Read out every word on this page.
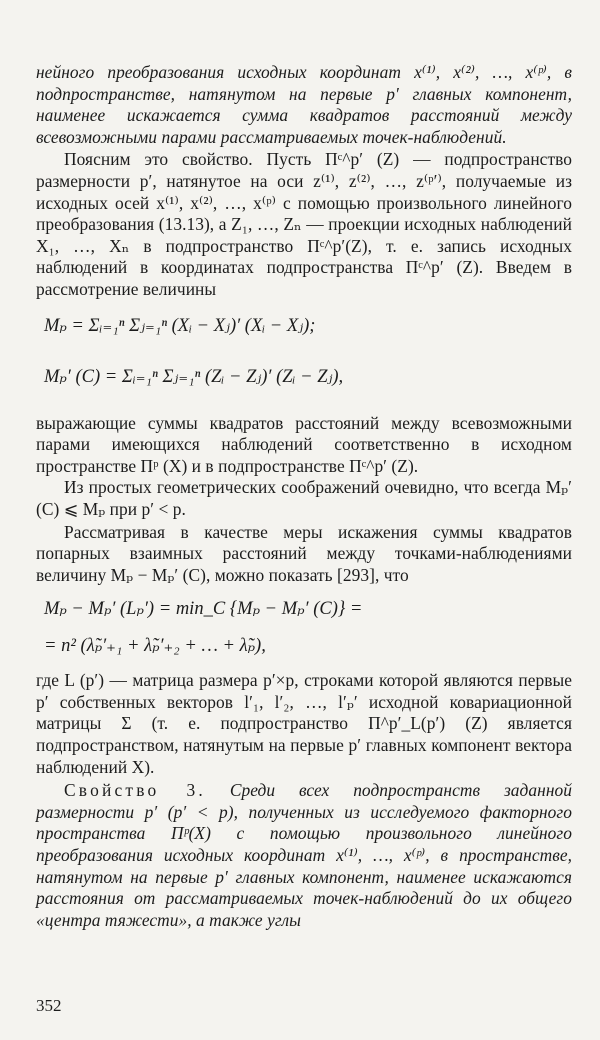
нейного преобразования исходных координат x⁽¹⁾, x⁽²⁾, …, x⁽ᵖ⁾, в подпространстве, натянутом на первые p′ главных компонент, наименее искажается сумма квадратов расстояний между всевозможными парами рассматриваемых точек-наблюдений.

Поясним это свойство. Пусть Πᶜ^p′ (Z) — подпространство размерности p′, натянутое на оси z⁽¹⁾, z⁽²⁾, …, z⁽ᵖ′⁾, получаемые из исходных осей x⁽¹⁾, x⁽²⁾, …, x⁽ᵖ⁾ с помощью произвольного линейного преобразования (13.13), а Z₁, …, Zₙ — проекции исходных наблюдений X₁, …, Xₙ в подпространство Πᶜ^p′(Z), т. е. запись исходных наблюдений в координатах подпространства Πᶜ^p′ (Z). Введем в рассмотрение величины

Mₚ = Σᵢ₌₁ⁿ Σⱼ₌₁ⁿ (Xᵢ − Xⱼ)′ (Xᵢ − Xⱼ);

Mₚ′ (C) = Σᵢ₌₁ⁿ Σⱼ₌₁ⁿ (Zᵢ − Zⱼ)′ (Zᵢ − Zⱼ),

выражающие суммы квадратов расстояний между всевозможными парами имеющихся наблюдений соответственно в исходном пространстве Πᵖ (X) и в подпространстве Πᶜ^p′ (Z).

Из простых геометрических соображений очевидно, что всегда Mₚ′ (C) ⩽ Mₚ при p′ < p.

Рассматривая в качестве меры искажения суммы квадратов попарных взаимных расстояний между точками-наблюдениями величину Mₚ − Mₚ′ (C), можно показать [293], что

Mₚ − Mₚ′ (Lₚ′) = min_C {Mₚ − Mₚ′ (C)} =

= n² (λ̃ₚ′₊₁ + λ̃ₚ′₊₂ + … + λ̃ₚ),

где L (p′) — матрица размера p′×p, строками которой являются первые p′ собственных векторов l′₁, l′₂, …, l′ₚ′ исходной ковариационной матрицы Σ (т. е. подпространство Π^p′_L(p′) (Z) является подпространством, натянутым на первые p′ главных компонент вектора наблюдений X).

Свойство 3. Среди всех подпространств заданной размерности p′ (p′ < p), полученных из исследуемого факторного пространства Πᵖ(X) с помощью произвольного линейного преобразования исходных координат x⁽¹⁾, …, x⁽ᵖ⁾, в пространстве, натянутом на первые p′ главных компонент, наименее искажаются расстояния от рассматриваемых точек-наблюдений до их общего «центра тяжести», а также углы

352
